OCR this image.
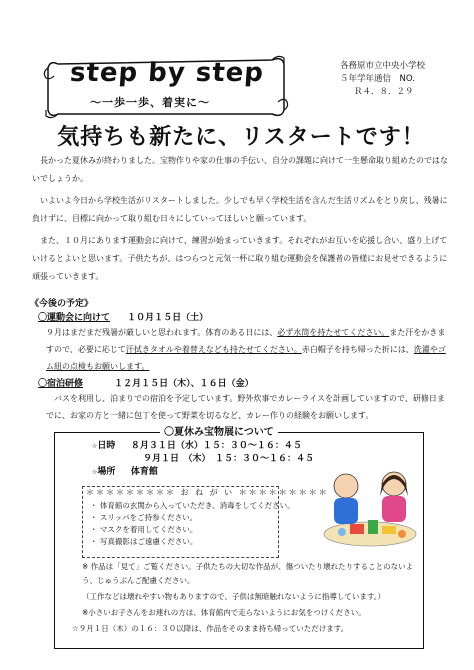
step by step
〜一歩一歩、着実に〜
各務原市立中央小学校
５年学年通信　NO.
Ｒ４．８．２９
気持ちも新たに、リスタートです！
長かった夏休みが終わりました。宝物作りや家の仕事の手伝い、自分の課題に向けて一生懸命取り組めたのではないでしょうか。
いよいよ今日から学校生活がリスタートしました。少しでも早く学校生活を含んだ生活リズムをとり戻し、残暑に負けずに、目標に向かって取り組む日々にしていってほしいと願っています。
また、１０月にあります運動会に向けて、練習が始まっていきます。それぞれがお互いを応援し合い、盛り上げていけるとよいと思います。子供たちが、はつらつと元気一杯に取り組む運動会を保護者の皆様にお見せできるように頑張っていきます。
《今後の予定》
〇運動会に向けて １０月１５日（土）
９月はまだまだ残暑が厳しいと思われます。体育のある日には、必ず水筒を持たせてください。また汗をかきますので、必要に応じて汗拭きタオルや着替えなども持たせてください。赤白帽子を持ち帰った折には、洗濯やゴム紐の点検もお願いします。
〇宿泊研修	１２月１５日（木）、１６日（金）
バスを利用し、泊まりでの宿泊を予定しています。野外炊事でカレーライスを計画していますので、研修日までに、お家の方と一緒に包丁を使って野菜を切るなど、カレー作りの経験をお願いします。
〇夏休み宝物展について
☆日時 ８月３１日（水）１５：３０〜１６：４５
９月１日　（木）　１５：３０〜１６：４５
☆場所 体育館
＊＊＊＊＊＊＊＊＊ お ね が い ＊＊＊＊＊＊＊＊＊
・ 体育館の玄関から入っていただき、消毒をしてください。
・ スリッパをご持参ください。
・ マスクを着用してください。
・ 写真撮影はご遠慮ください。
※ 作品は「見て」ご覧ください。子供たちの大切な作品が、傷ついたり壊れたりすることのないよう、じゅうぶんご配慮ください。
（工作などは壊れやすい物もありますので、子供は無暗触れないように指導しています。）
※小さいお子さんをお連れの方は、体育館内で走らないようにお気をつけください。
☆９月１日（木）の１６：３０以降は、作品をそのまま持ち帰っていただけます。
